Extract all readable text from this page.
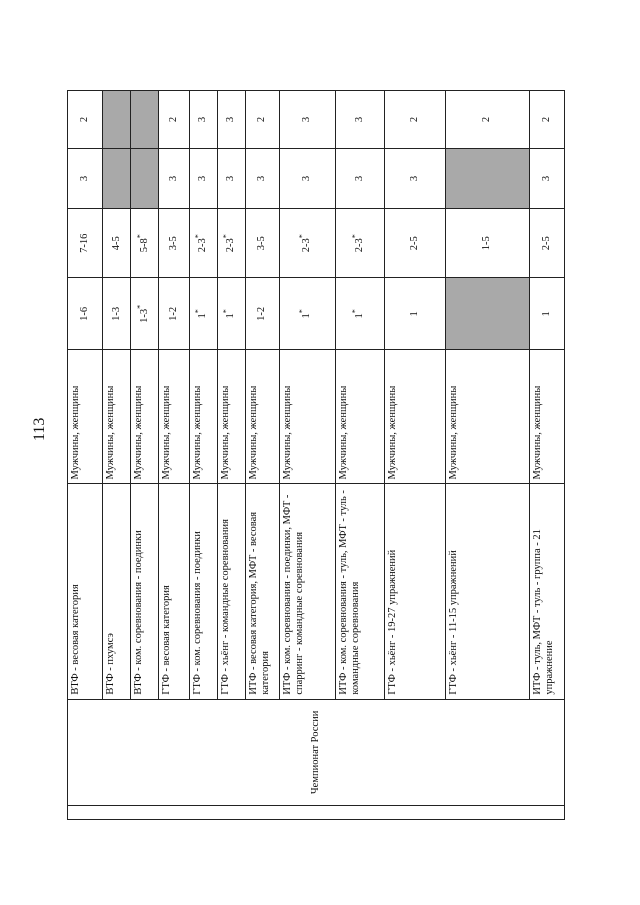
113
	Чемпионат России	ВТФ - весовая категория	Мужчины, женщины	1-6	7-16	3	2
		ВТФ - пхумсэ	Мужчины, женщины	1-3	4-5		
		ВТФ - ком. соревнования - поединки	Мужчины, женщины	1-3*	5-8*		
		ГТФ - весовая категория	Мужчины, женщины	1-2	3-5	3	2
		ГТФ - ком. соревнования - поединки	Мужчины, женщины	1*	2-3*	3	3
		ГТФ - хьёнг - командные соревнования	Мужчины, женщины	1*	2-3*	3	3
		ИТФ - весовая категория, МФТ - весовая категория	Мужчины, женщины	1-2	3-5	3	2
		ИТФ - ком. соревнования - поединки, МФТ - спарринг - командные соревнования	Мужчины, женщины	1*	2-3*	3	3
		ИТФ - ком. соревнования - туль, МФТ - туль - командные соревнования	Мужчины, женщины	1*	2-3*	3	3
		ГТФ - хьёнг - 19-27 упражнений	Мужчины, женщины	1	2-5	3	2
		ГТФ - хьёнг - 11-15 упражнений	Мужчины, женщины		1-5		2
		ИТФ - туль, МФТ - туль - группа - 21 упражнение	Мужчины, женщины	1	2-5	3	2
